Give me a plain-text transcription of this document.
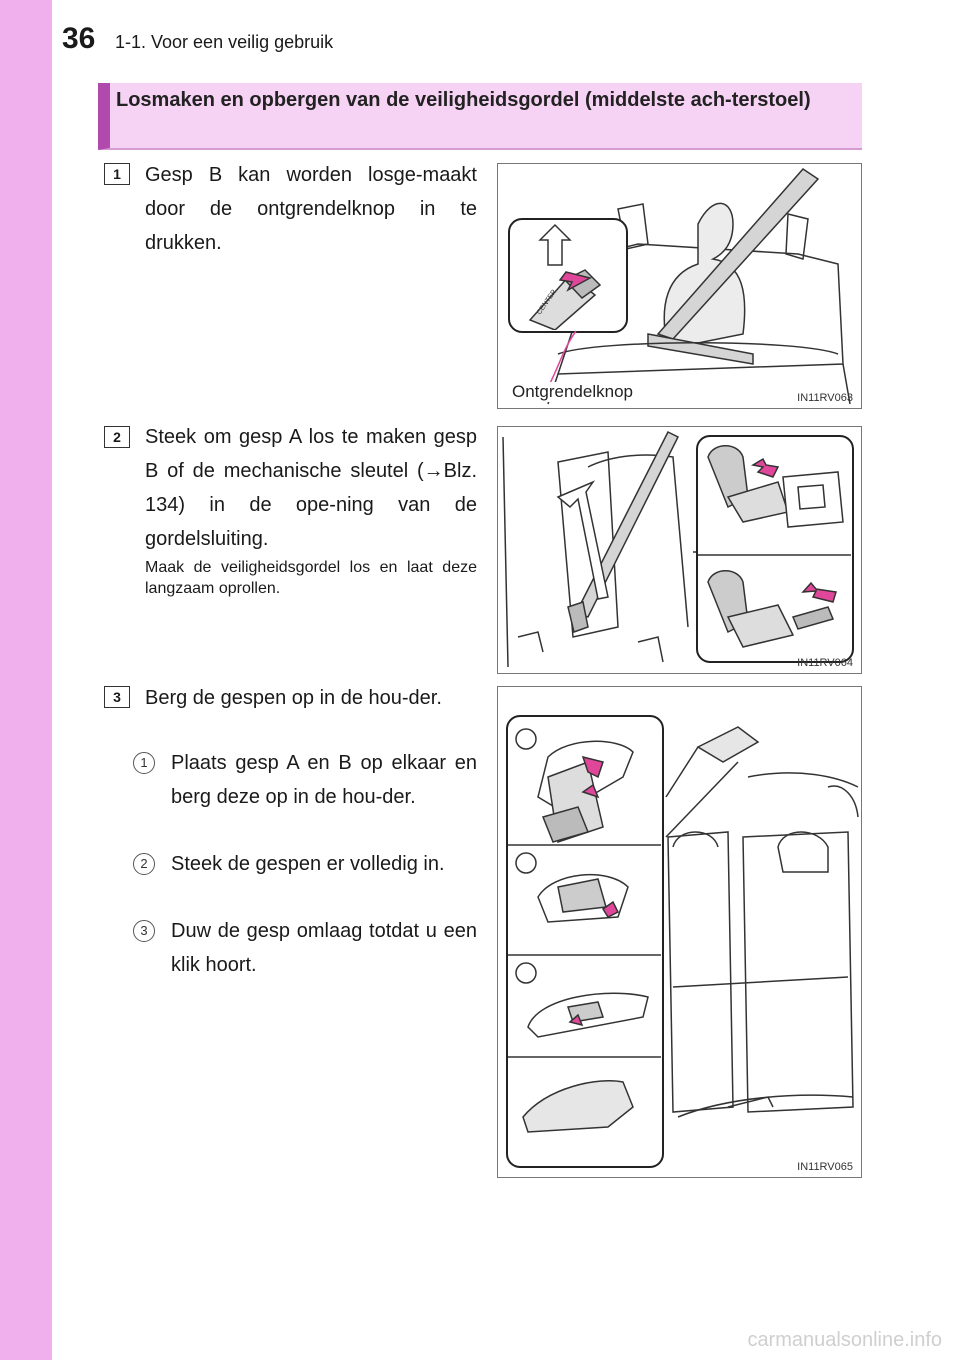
36 1-1. Voor een veilig gebruik
Losmaken en opbergen van de veiligheidsgordel (middelste ach-terstoel)
1	Gesp B kan worden losge-maakt door de ontgrendelknop in te drukken.

CENTER
Ontgrendelknop	IN11RV063
2	Steek om gesp A los te maken gesp B of de mechanische sleutel (→Blz. 134) in de ope-ning van de gordelsluiting.

Maak de veiligheidsgordel los en laat deze langzaam oprollen.

IN11RV064
3	Berg de gespen op in de hou-der.

1	Plaats gesp A en B op elkaar en berg deze op in de hou-der.

2	Steek de gespen er volledig in.

3	Duw de gesp omlaag totdat u een klik hoort.

IN11RV065
carmanualsonline.info
